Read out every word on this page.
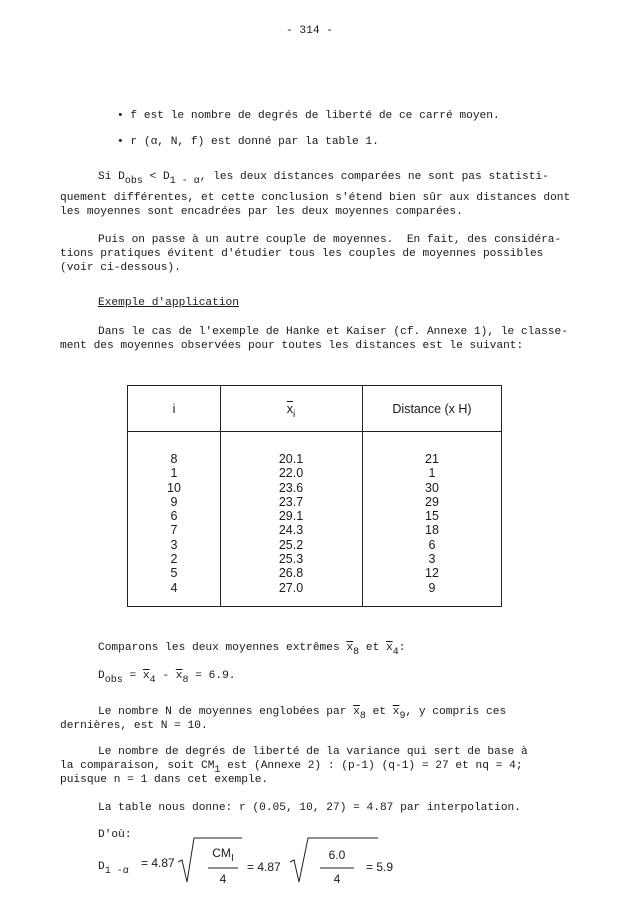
- 314 -
• f est le nombre de degrés de liberté de ce carré moyen.
• r (α, N, f) est donné par la table 1.
Si $D_{obs} < D_1$ $_{- \alpha}$, les deux distances comparées ne sont pas statisti-
quement différentes, et cette conclusion s'étend bien sûr aux distances dont
les moyennes sont encadrées par les deux moyennes comparées.
Puis on passe à un autre couple de moyennes.  En fait, des considéra-
tions pratiques évitent d'étudier tous les couples de moyennes possibles
(voir ci-dessous).
Exemple d'application
Dans le cas de l'exemple de Hanke et Kaiser (cf. Annexe 1), le classe-
ment des moyennes observées pour toutes les distances est le suivant:
i	$\overline{x}_i$	Distance (x H)
8
1
10
9
6
7
3
2
5
4
20.1
22.0
23.6
23.7
29.1
24.3
25.2
25.3
26.8
27.0
21
1
30
29
15
18
6
3
12
9
Comparons les deux moyennes extrêmes $\overline{x}_8$ et $\overline{x}_4$:
$D_{obs} = \overline{x}_4 - \overline{x}_8 = 6.9$.
Le nombre N de moyennes englobées par $\overline{x}_8$ et $\overline{x}_9$, y compris ces
dernières, est N = 10.
Le nombre de degrés de liberté de la variance qui sert de base à
la comparaison, soit $CM_1$ est (Annexe 2) : (p-1) (q-1) = 27 et nq = 4;
puisque n = 1 dans cet exemple.
La table nous donne: r (0.05, 10, 27) = 4.87 par interpolation.
D'où:
$D_1$ $_{-\alpha}$
= 4.87
$CM_I$
4
= 4.87
6.0
4
= 5.9
